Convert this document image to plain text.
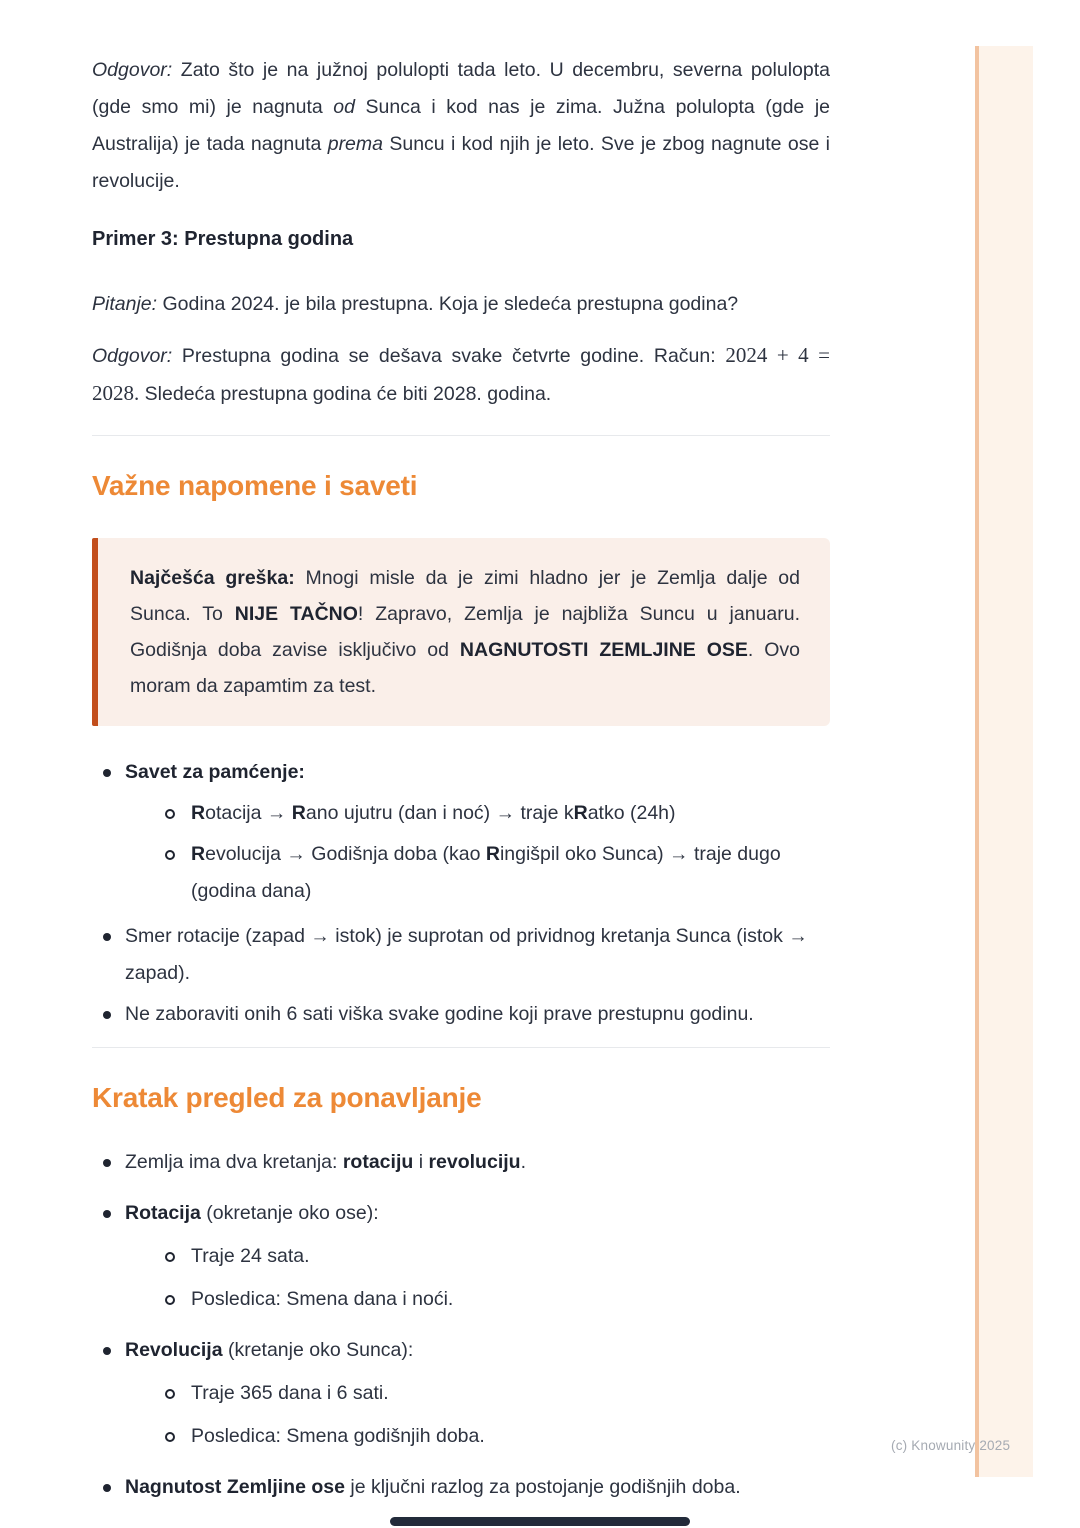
Odgovor: Zato što je na južnoj polulopti tada leto. U decembru, severna polulopta (gde smo mi) je nagnuta od Sunca i kod nas je zima. Južna polulopta (gde je Australija) je tada nagnuta prema Suncu i kod njih je leto. Sve je zbog nagnute ose i revolucije.

Primer 3: Prestupna godina

Pitanje: Godina 2024. je bila prestupna. Koja je sledeća prestupna godina?

Odgovor: Prestupna godina se dešava svake četvrte godine. Račun: 2024 + 4 = 2028. Sledeća prestupna godina će biti 2028. godina.

Važne napomene i saveti

Najčešća greška: Mnogi misle da je zimi hladno jer je Zemlja dalje od Sunca. To NIJE TAČNO! Zapravo, Zemlja je najbliža Suncu u januaru. Godišnja doba zavise isključivo od NAGNUTOSTI ZEMLJINE OSE. Ovo moram da zapamtim za test.

Savet za pamćenje:
Rotacija → Rano ujutru (dan i noć) → traje kRatko (24h)
Revolucija → Godišnja doba (kao Ringišpil oko Sunca) → traje dugo (godina dana)
Smer rotacije (zapad → istok) je suprotan od prividnog kretanja Sunca (istok → zapad).
Ne zaboraviti onih 6 sati viška svake godine koji prave prestupnu godinu.
Kratak pregled za ponavljanje
Zemlja ima dva kretanja: rotaciju i revoluciju.
Rotacija (okretanje oko ose):
Traje 24 sata.
Posledica: Smena dana i noći.
Revolucija (kretanje oko Sunca):
Traje 365 dana i 6 sati.
Posledica: Smena godišnjih doba.
Nagnutost Zemljine ose je ključni razlog za postojanje godišnjih doba.
(c) Knowunity 2025
